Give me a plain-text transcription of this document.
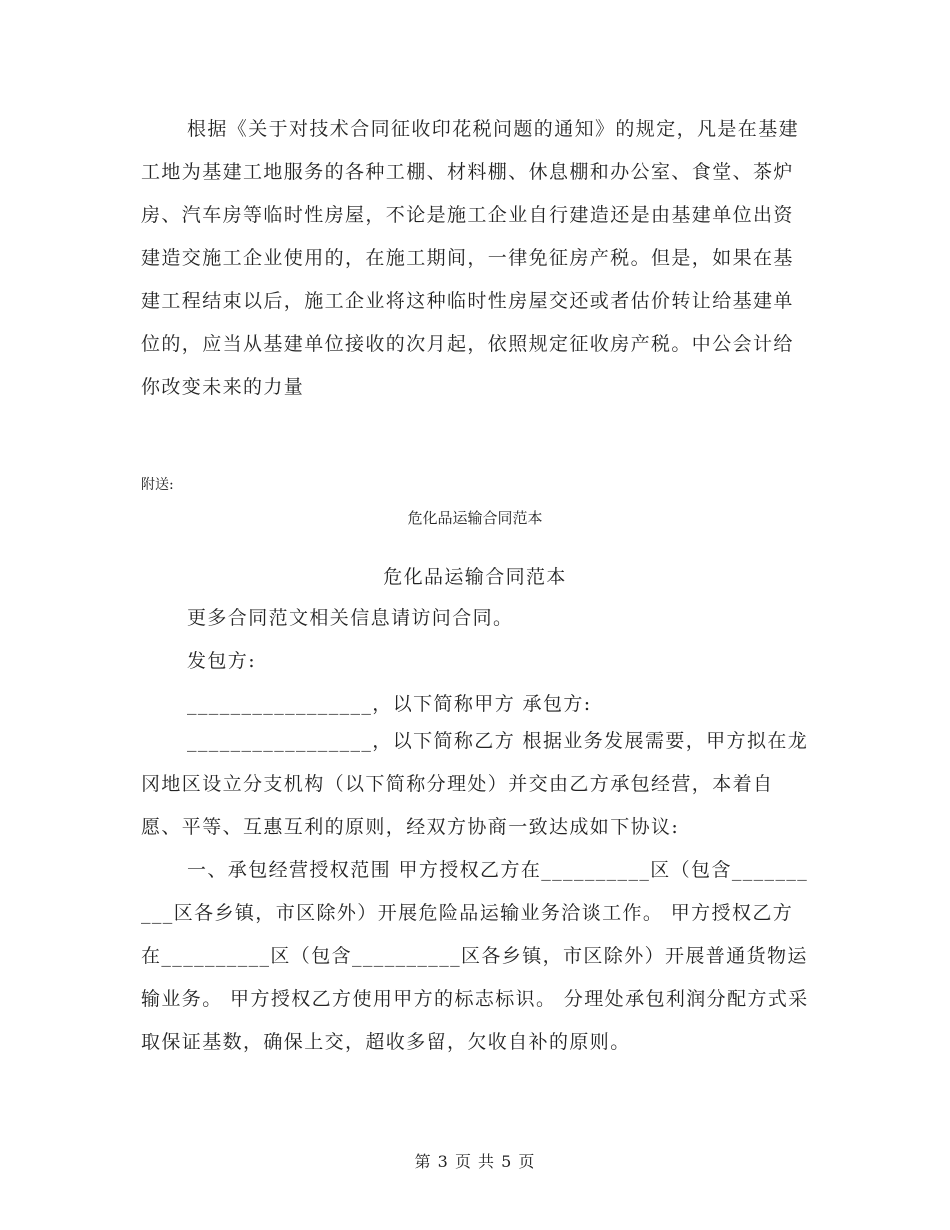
根据《关于对技术合同征收印花税问题的通知》的规定，凡是在基建工地为基建工地服务的各种工棚、材料棚、休息棚和办公室、食堂、茶炉房、汽车房等临时性房屋，不论是施工企业自行建造还是由基建单位出资建造交施工企业使用的，在施工期间，一律免征房产税。但是，如果在基建工程结束以后，施工企业将这种临时性房屋交还或者估价转让给基建单位的，应当从基建单位接收的次月起，依照规定征收房产税。中公会计给你改变未来的力量

附送:

危化品运输合同范本

危化品运输合同范本

更多合同范文相关信息请访问合同。

发包方:

_________________，以下简称甲方 承包方:

_________________，以下简称乙方 根据业务发展需要，甲方拟在龙冈地区设立分支机构（以下简称分理处）并交由乙方承包经营，本着自愿、平等、互惠互利的原则，经双方协商一致达成如下协议:

一、承包经营授权范围 甲方授权乙方在__________区（包含__________区各乡镇，市区除外）开展危险品运输业务洽谈工作。 甲方授权乙方在__________区（包含__________区各乡镇，市区除外）开展普通货物运输业务。 甲方授权乙方使用甲方的标志标识。 分理处承包利润分配方式采取保证基数，确保上交，超收多留，欠收自补的原则。

第 3 页 共 5 页
